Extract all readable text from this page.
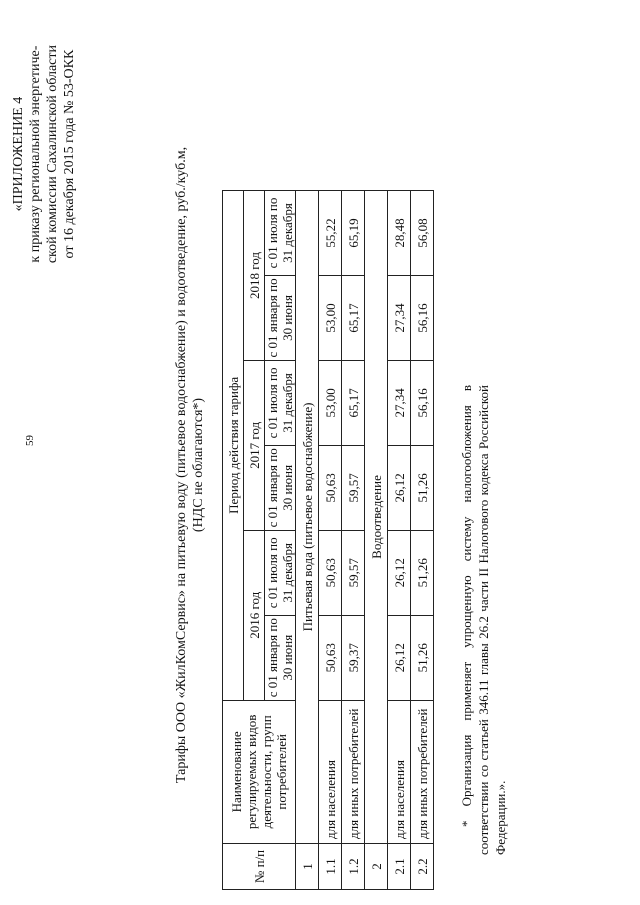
59
«ПРИЛОЖЕНИЕ 4 к приказу региональной энергетиче- ской комиссии Сахалинской области от 16 декабря 2015 года № 53-ОКК	Тарифы ООО «ЖилКомСервис» на питьевую воду (питьевое водоснабжение) и водоотведение, руб./куб.м, (НДС не облагаются*)
№ п/п	Наименование регулируемых видов деятельности, групп потребителей	Период действия тарифа					
		2016 год		2017 год		2018 год	
		с 01 января по 30 июня	с 01 июля по 31 декабря	с 01 января по 30 июня	с 01 июля по 31 декабря	с 01 января по 30 июня	с 01 июля по 31 декабря
1	Питьевая вода (питьевое водоснабжение)						
1.1	для населения	50,63	50,63	50,63	53,00	53,00	55,22
1.2	для иных потребителей	59,37	59,57	59,57	65,17	65,17	65,19
2	Водоотведение						
2.1	для населения	26,12	26,12	26,12	27,34	27,34	28,48
2.2	для иных потребителей	51,26	51,26	51,26	56,16	56,16	56,08
* Организация применяет упрощенную систему налогообложения в соответствии со статьей 346.11 главы 26.2 части II Налогового кодекса Российской Федерации.».
